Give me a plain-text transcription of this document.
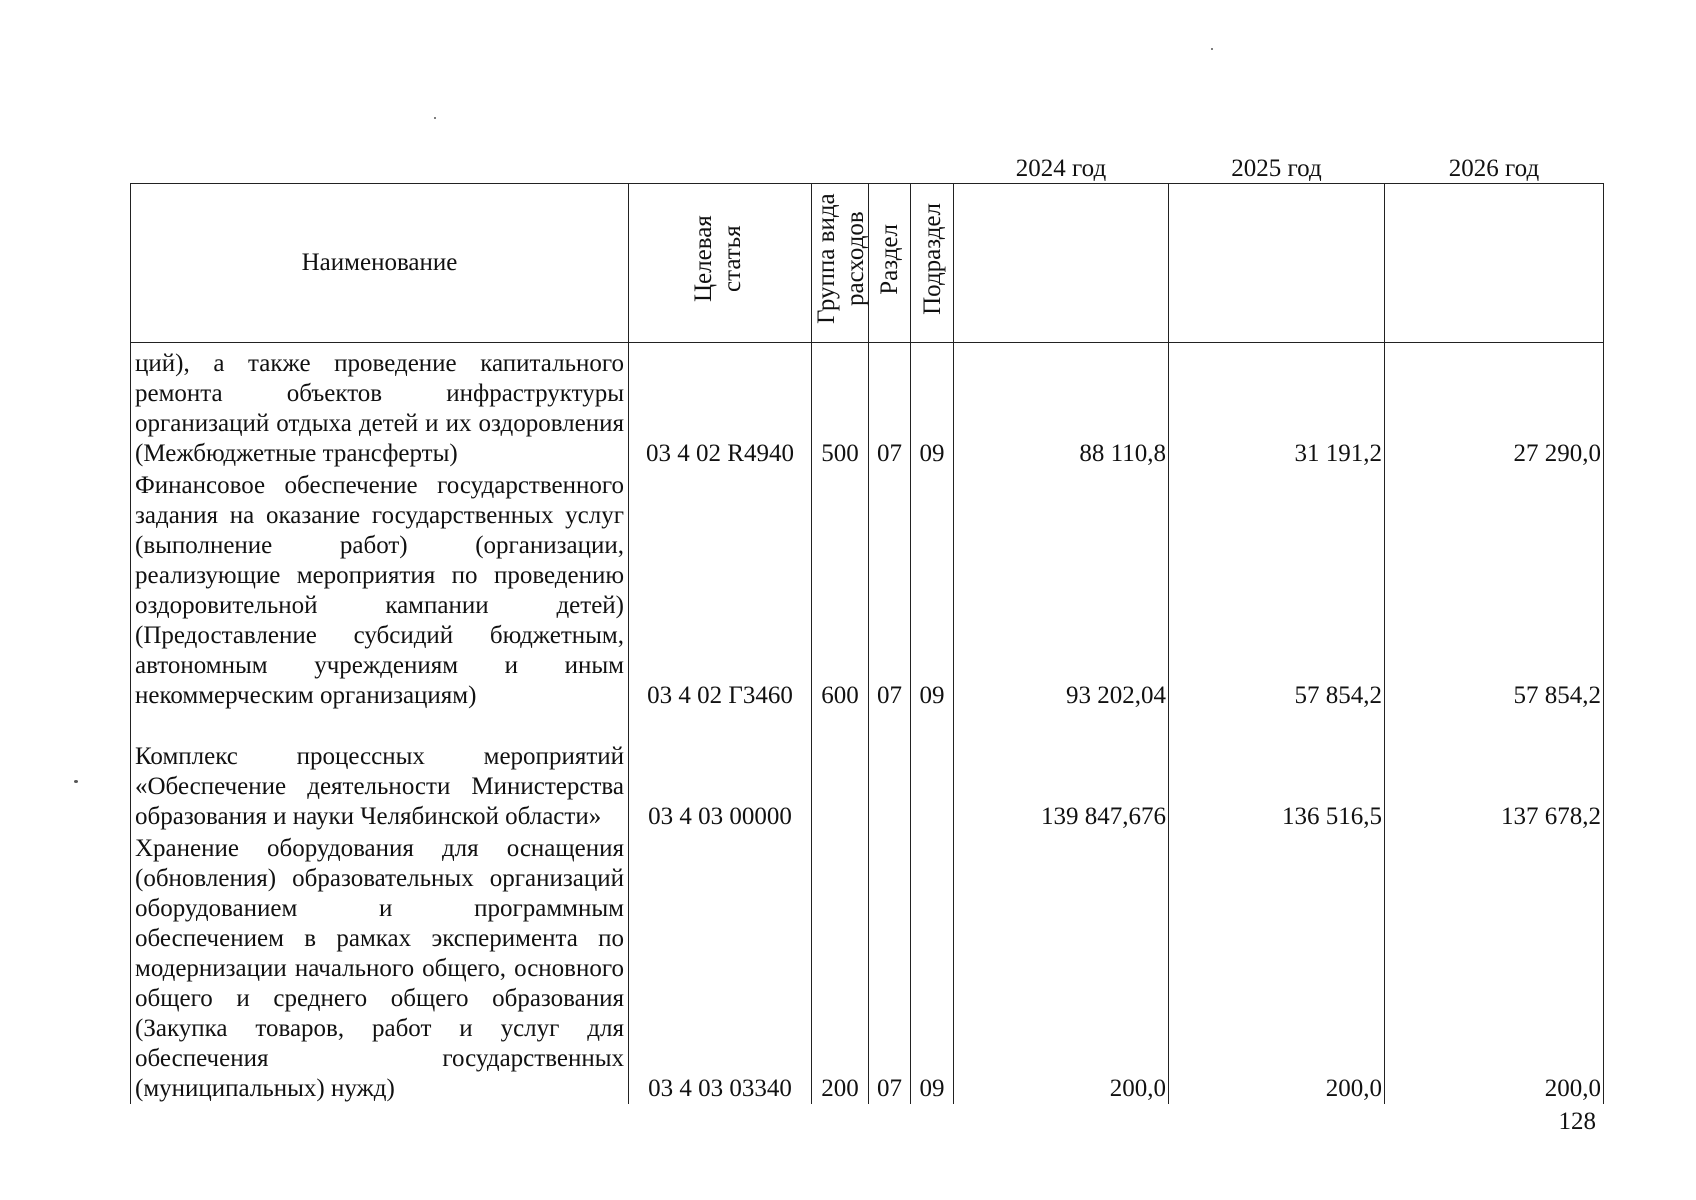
Наименование	Целевая статья	Группа вида расходов	Раздел	Подраздел	2024 год	2025 год	2026 год

ций), а также проведение капитального ремонта объектов инфраструктуры организаций отдыха детей и их оздоровления (Межбюджетные трансферты)	03 4 02 R4940	500	07	09	88 110,8	31 191,2	27 290,0
Финансовое обеспечение государственного задания на оказание государственных услуг (выполнение работ) (организации, реализующие мероприятия по проведению оздоровительной кампании детей) (Предоставление субсидий бюджетным, автономным учреждениям и иным некоммерческим организациям)	03 4 02 Г3460	600	07	09	93 202,04	57 854,2	57 854,2
Комплекс процессных мероприятий «Обеспечение деятельности Министерства образования и науки Челябинской области»	03 4 03 00000				139 847,676	136 516,5	137 678,2
Хранение оборудования для оснащения (обновления) образовательных организаций оборудованием и программным обеспечением в рамках эксперимента по модернизации начального общего, основного общего и среднего общего образования (Закупка товаров, работ и услуг для обеспечения государственных (муниципальных) нужд)	03 4 03 03340	200	07	09	200,0	200,0	200,0
128
